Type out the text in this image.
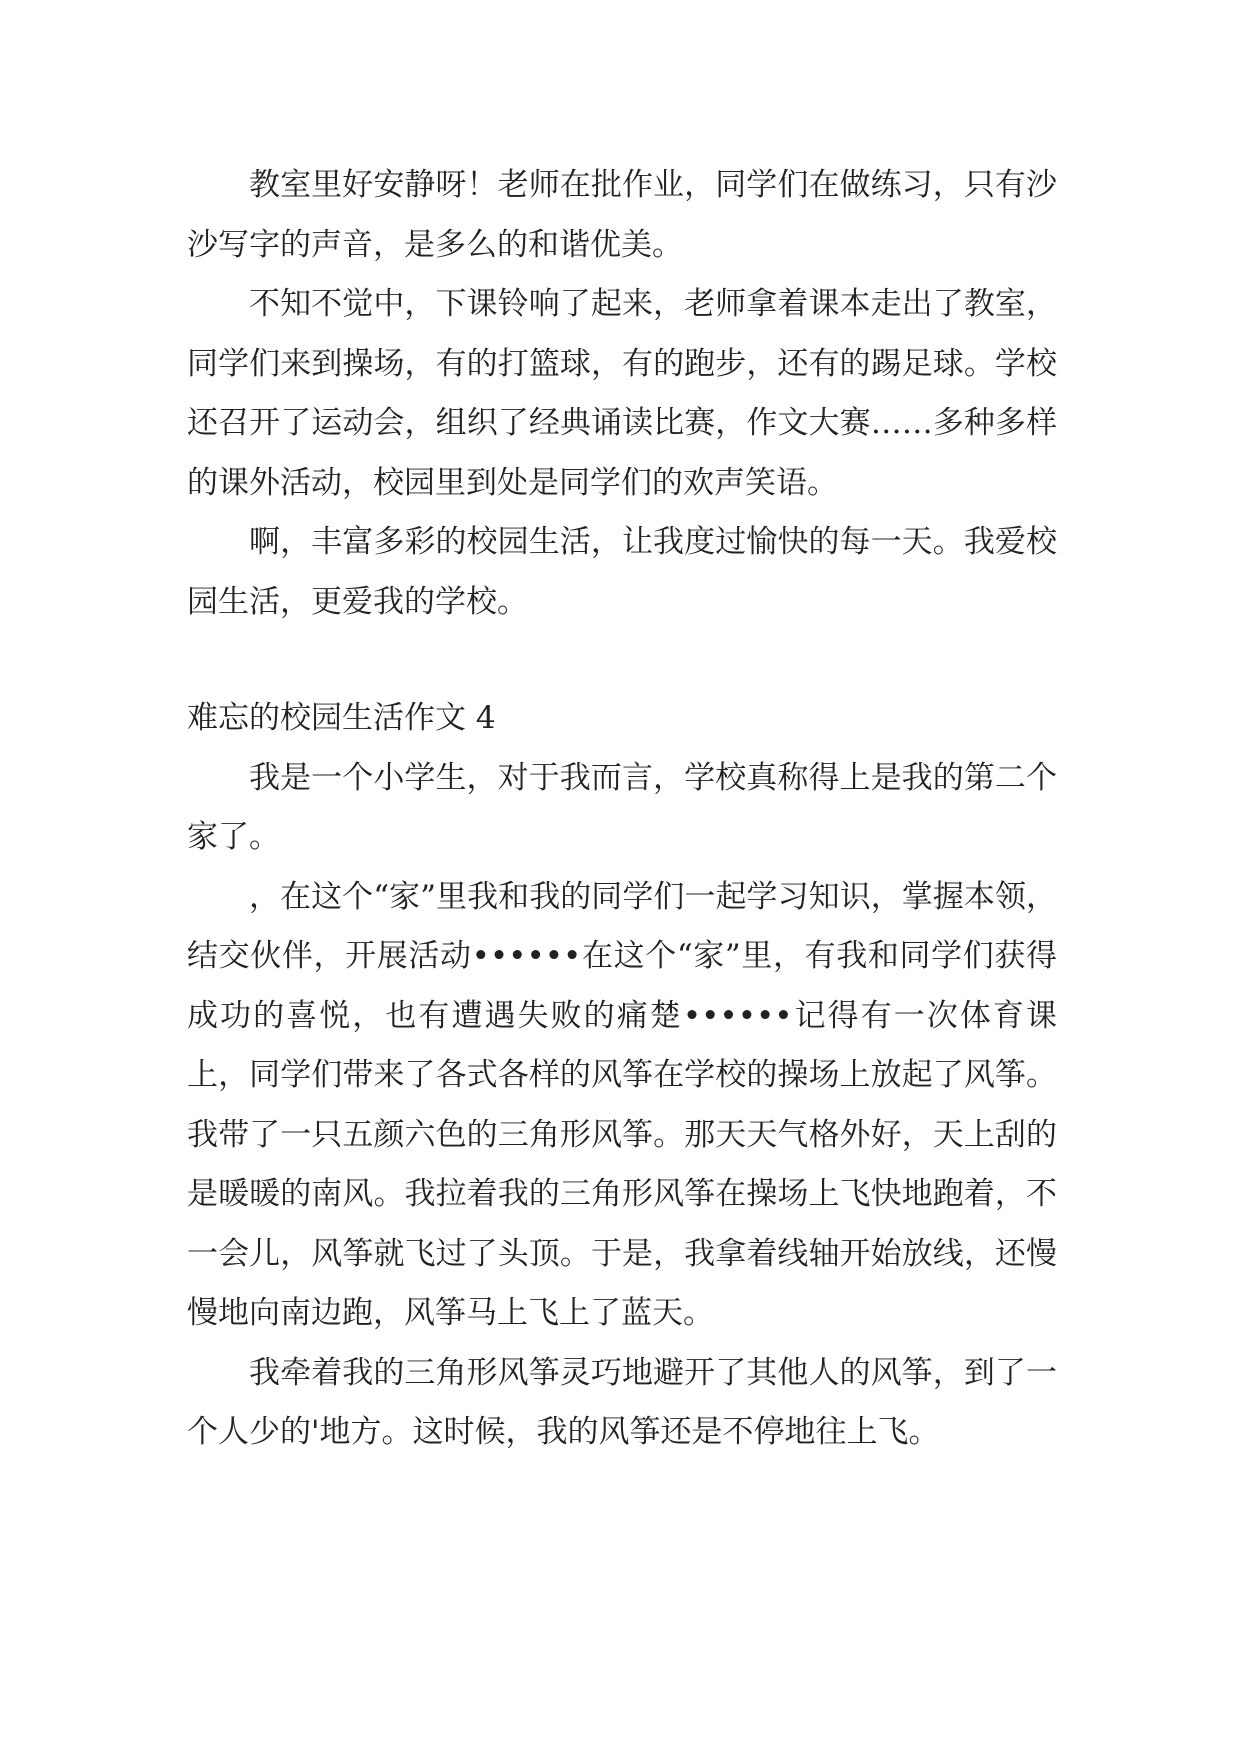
教室里好安静呀！老师在批作业，同学们在做练习，只有沙沙写字的声音，是多么的和谐优美。

不知不觉中，下课铃响了起来，老师拿着课本走出了教室，同学们来到操场，有的打篮球，有的跑步，还有的踢足球。学校还召开了运动会，组织了经典诵读比赛，作文大赛……多种多样的课外活动，校园里到处是同学们的欢声笑语。

啊，丰富多彩的校园生活，让我度过愉快的每一天。我爱校园生活，更爱我的学校。

难忘的校园生活作文 4

我是一个小学生，对于我而言，学校真称得上是我的第二个家了。

，在这个“家”里我和我的同学们一起学习知识，掌握本领，结交伙伴，开展活动••••••在这个“家”里，有我和同学们获得成功的喜悦，也有遭遇失败的痛楚••••••记得有一次体育课上，同学们带来了各式各样的风筝在学校的操场上放起了风筝。我带了一只五颜六色的三角形风筝。那天天气格外好，天上刮的是暖暖的南风。我拉着我的三角形风筝在操场上飞快地跑着，不一会儿，风筝就飞过了头顶。于是，我拿着线轴开始放线，还慢慢地向南边跑，风筝马上飞上了蓝天。

我牵着我的三角形风筝灵巧地避开了其他人的风筝，到了一个人少的'地方。这时候，我的风筝还是不停地往上飞。
